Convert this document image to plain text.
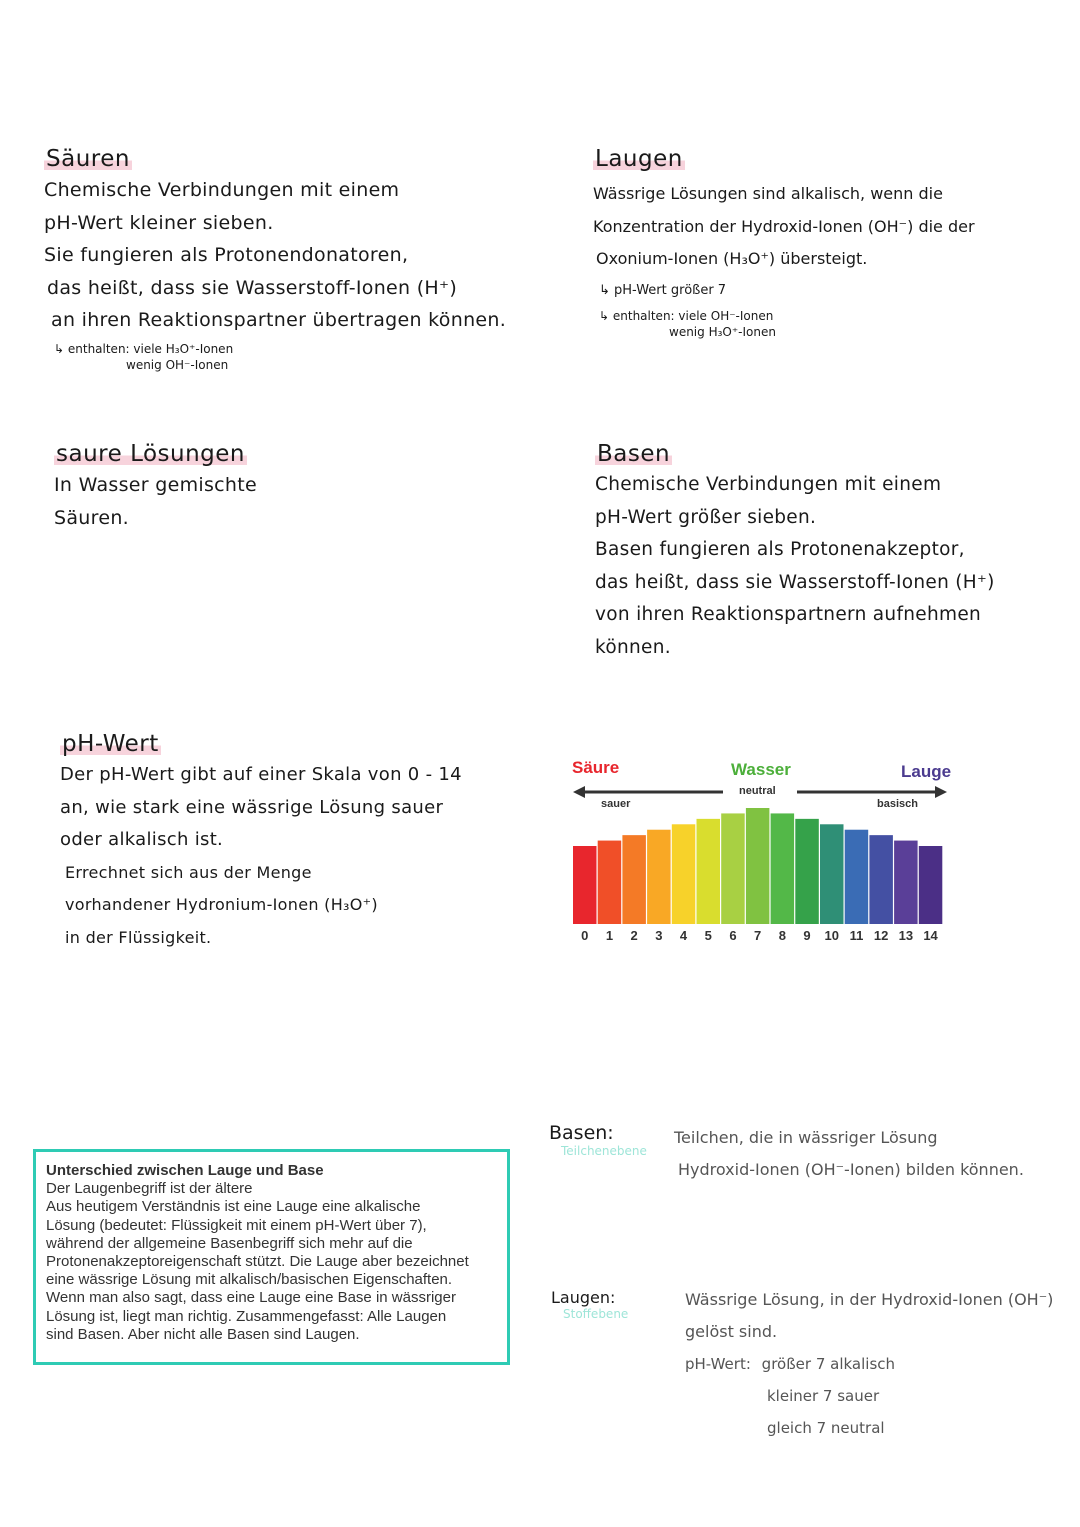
Säuren
Chemische Verbindungen mit einem
pH-Wert kleiner sieben.
Sie fungieren als Protonendonatoren,
das heißt, dass sie Wasserstoff-Ionen (H⁺)
an ihren Reaktionspartner übertragen können.
↳ enthalten: viele H₃O⁺-Ionen
wenig OH⁻-Ionen
Laugen
Wässrige Lösungen sind alkalisch, wenn die
Konzentration der Hydroxid-Ionen (OH⁻) die der
Oxonium-Ionen (H₃O⁺) übersteigt.
↳ pH-Wert größer 7
↳ enthalten: viele OH⁻-Ionen
wenig H₃O⁺-Ionen
saure Lösungen
In Wasser gemischte
Säuren.
Basen
Chemische Verbindungen mit einem
pH-Wert größer sieben.
Basen fungieren als Protonenakzeptor,
das heißt, dass sie Wasserstoff-Ionen (H⁺)
von ihren Reaktionspartnern aufnehmen
können.
pH-Wert
Der pH-Wert gibt auf einer Skala von 0 - 14
an, wie stark eine wässrige Lösung sauer
oder alkalisch ist.
Errechnet sich aus der Menge
vorhandener Hydronium-Ionen (H₃O⁺)
in der Flüssigkeit.
Säure	Wasser	Lauge
sauer
neutral
basisch
0 1 2 3 4 5 6 7 8 9 10 11 12 13 14
Unterschied zwischen Lauge und Base
Der Laugenbegriff ist der ältere
Aus heutigem Verständnis ist eine Lauge eine alkalische
Lösung (bedeutet: Flüssigkeit mit einem pH-Wert über 7),
während der allgemeine Basenbegriff sich mehr auf die
Protonenakzeptoreigenschaft stützt. Die Lauge aber bezeichnet
eine wässrige Lösung mit alkalisch/basischen Eigenschaften.
Wenn man also sagt, dass eine Lauge eine Base in wässriger
Lösung ist, liegt man richtig. Zusammengefasst: Alle Laugen
sind Basen. Aber nicht alle Basen sind Laugen.
Basen:
Teilchenebene
Teilchen, die in wässriger Lösung
Hydroxid-Ionen (OH⁻-Ionen) bilden können.
Laugen:
Stoffebene
Wässrige Lösung, in der Hydroxid-Ionen (OH⁻)
gelöst sind.
pH-Wert: größer 7 alkalisch
kleiner 7 sauer
gleich 7 neutral
